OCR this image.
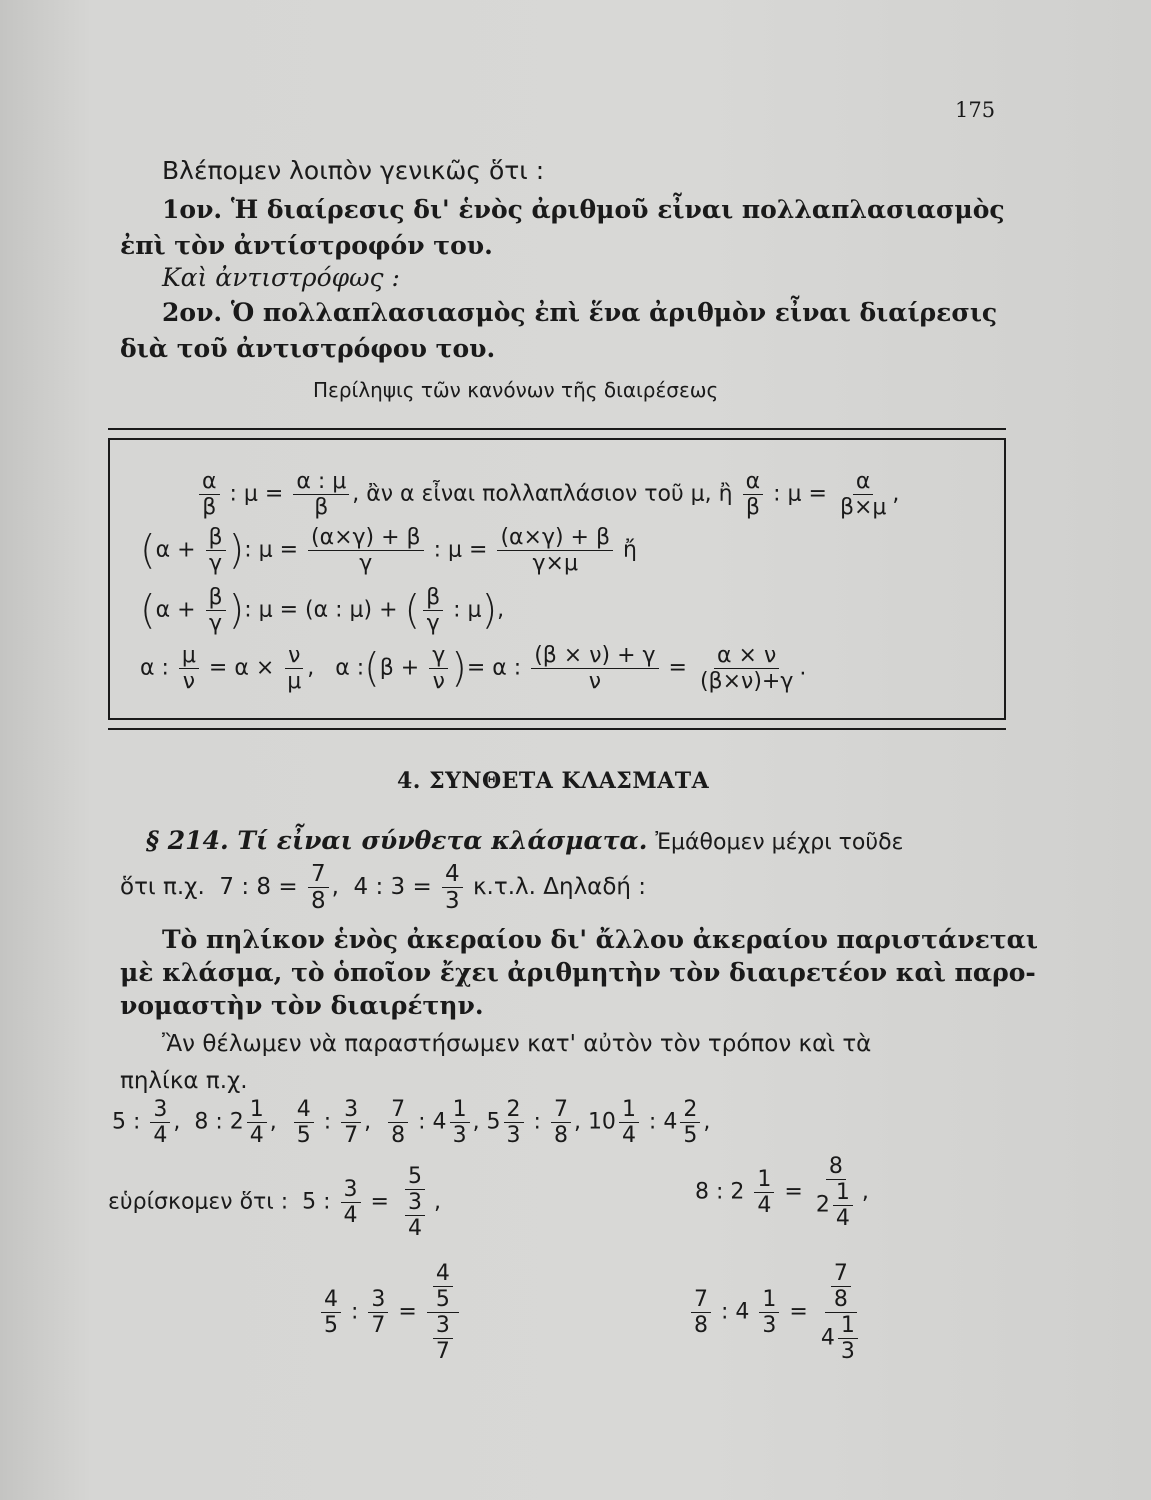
175
Βλέπομεν λοιπὸν γενικῶς ὅτι :
1ον. Ἡ διαίρεσις δι' ἑνὸς ἀριθμοῦ εἶναι πολλαπλασιασμὸς
ἐπὶ τὸν ἀντίστροφόν του.
Καὶ ἀντιστρόφως :
2ον. Ὁ πολλαπλασιασμὸς ἐπὶ ἕνα ἀριθμὸν εἶναι διαίρεσις
διὰ τοῦ ἀντιστρόφου του.
Περίληψις τῶν κανόνων τῆς διαιρέσεως
$\frac{\alpha}{\beta}$ : $\mu = \frac{\alpha : \mu}{\beta}$ , ἂν α εἶναι πολλαπλάσιον τοῦ μ, ἢ $\frac{\alpha}{\beta}$ : $\mu = \frac{\alpha}{\beta\times\mu}$ ,
($\alpha + \frac{\beta}{\gamma}$ ): $\mu = \frac{(\alpha\times\gamma) + \beta}{\gamma}$ : $\mu = \frac{(\alpha\times\gamma) + \beta}{\gamma\times\mu}$ ἤ
($\alpha + \frac{\beta}{\gamma}$ ): μ = (α : μ) + ( $\frac{\beta}{\gamma}$ : μ),
α : $\frac{\mu}{\nu} = \alpha \times \frac{\nu}{\mu}$ ,   α :(β + $\frac{\gamma}{\nu}$ )= α : $\frac{(\beta \times \nu) + \gamma}{\nu} = \frac{\alpha \times \nu}{(\beta\times\nu)+\gamma}$ .
4. ΣΥΝΘΕΤΑ ΚΛΑΣΜΑΤΑ
§ 214. Τί εἶναι σύνθετα κλάσματα. Ἐμάθομεν μέχρι τοῦδε
ὅτι π.χ.  7 : $8 = \frac{7}{8}$ ,  4 : $3 = \frac{4}{3} \kappa.\tau.\lambda$. Δηλαδή :
Τὸ πηλίκον ἑνὸς ἀκεραίου δι' ἄλλου ἀκεραίου παριστάνεται
μὲ κλάσμα, τὸ ὁποῖον ἔχει ἀριθμητὴν τὸν διαιρετέον καὶ παρο-
νομαστὴν τὸν διαιρέτην.
Ἂν θέλωμεν νὰ παραστήσωμεν κατ' αὐτὸν τὸν τρόπον καὶ τὰ
πηλίκα π.χ.
5 : $\frac{3}{4}$ ,  8 : $2 \frac{1}{4}$ , $\frac{4}{5}$ : $\frac{3}{7}$ , $\frac{7}{8}$ : $4 \frac{1}{3}$ , $5 \frac{2}{3}$ : $\frac{7}{8}$ , $10 \frac{1}{4}$ : $4 \frac{2}{5}$ ,
εὑρίσκομεν ὅτι :  5 : $\frac{3}{4} = \frac{5}{\frac{3}{4}}$ ,	8 : $2 \frac{1}{4} = \frac{8}{2 \frac{1}{4}}$ ,
$\frac{4}{5}$ : $\frac{3}{7} = \frac{\frac{4}{5}}{\frac{3}{7}}$	$\frac{7}{8}$ : $4 \frac{1}{3} = \frac{\frac{7}{8}}{4 \frac{1}{3}}$
